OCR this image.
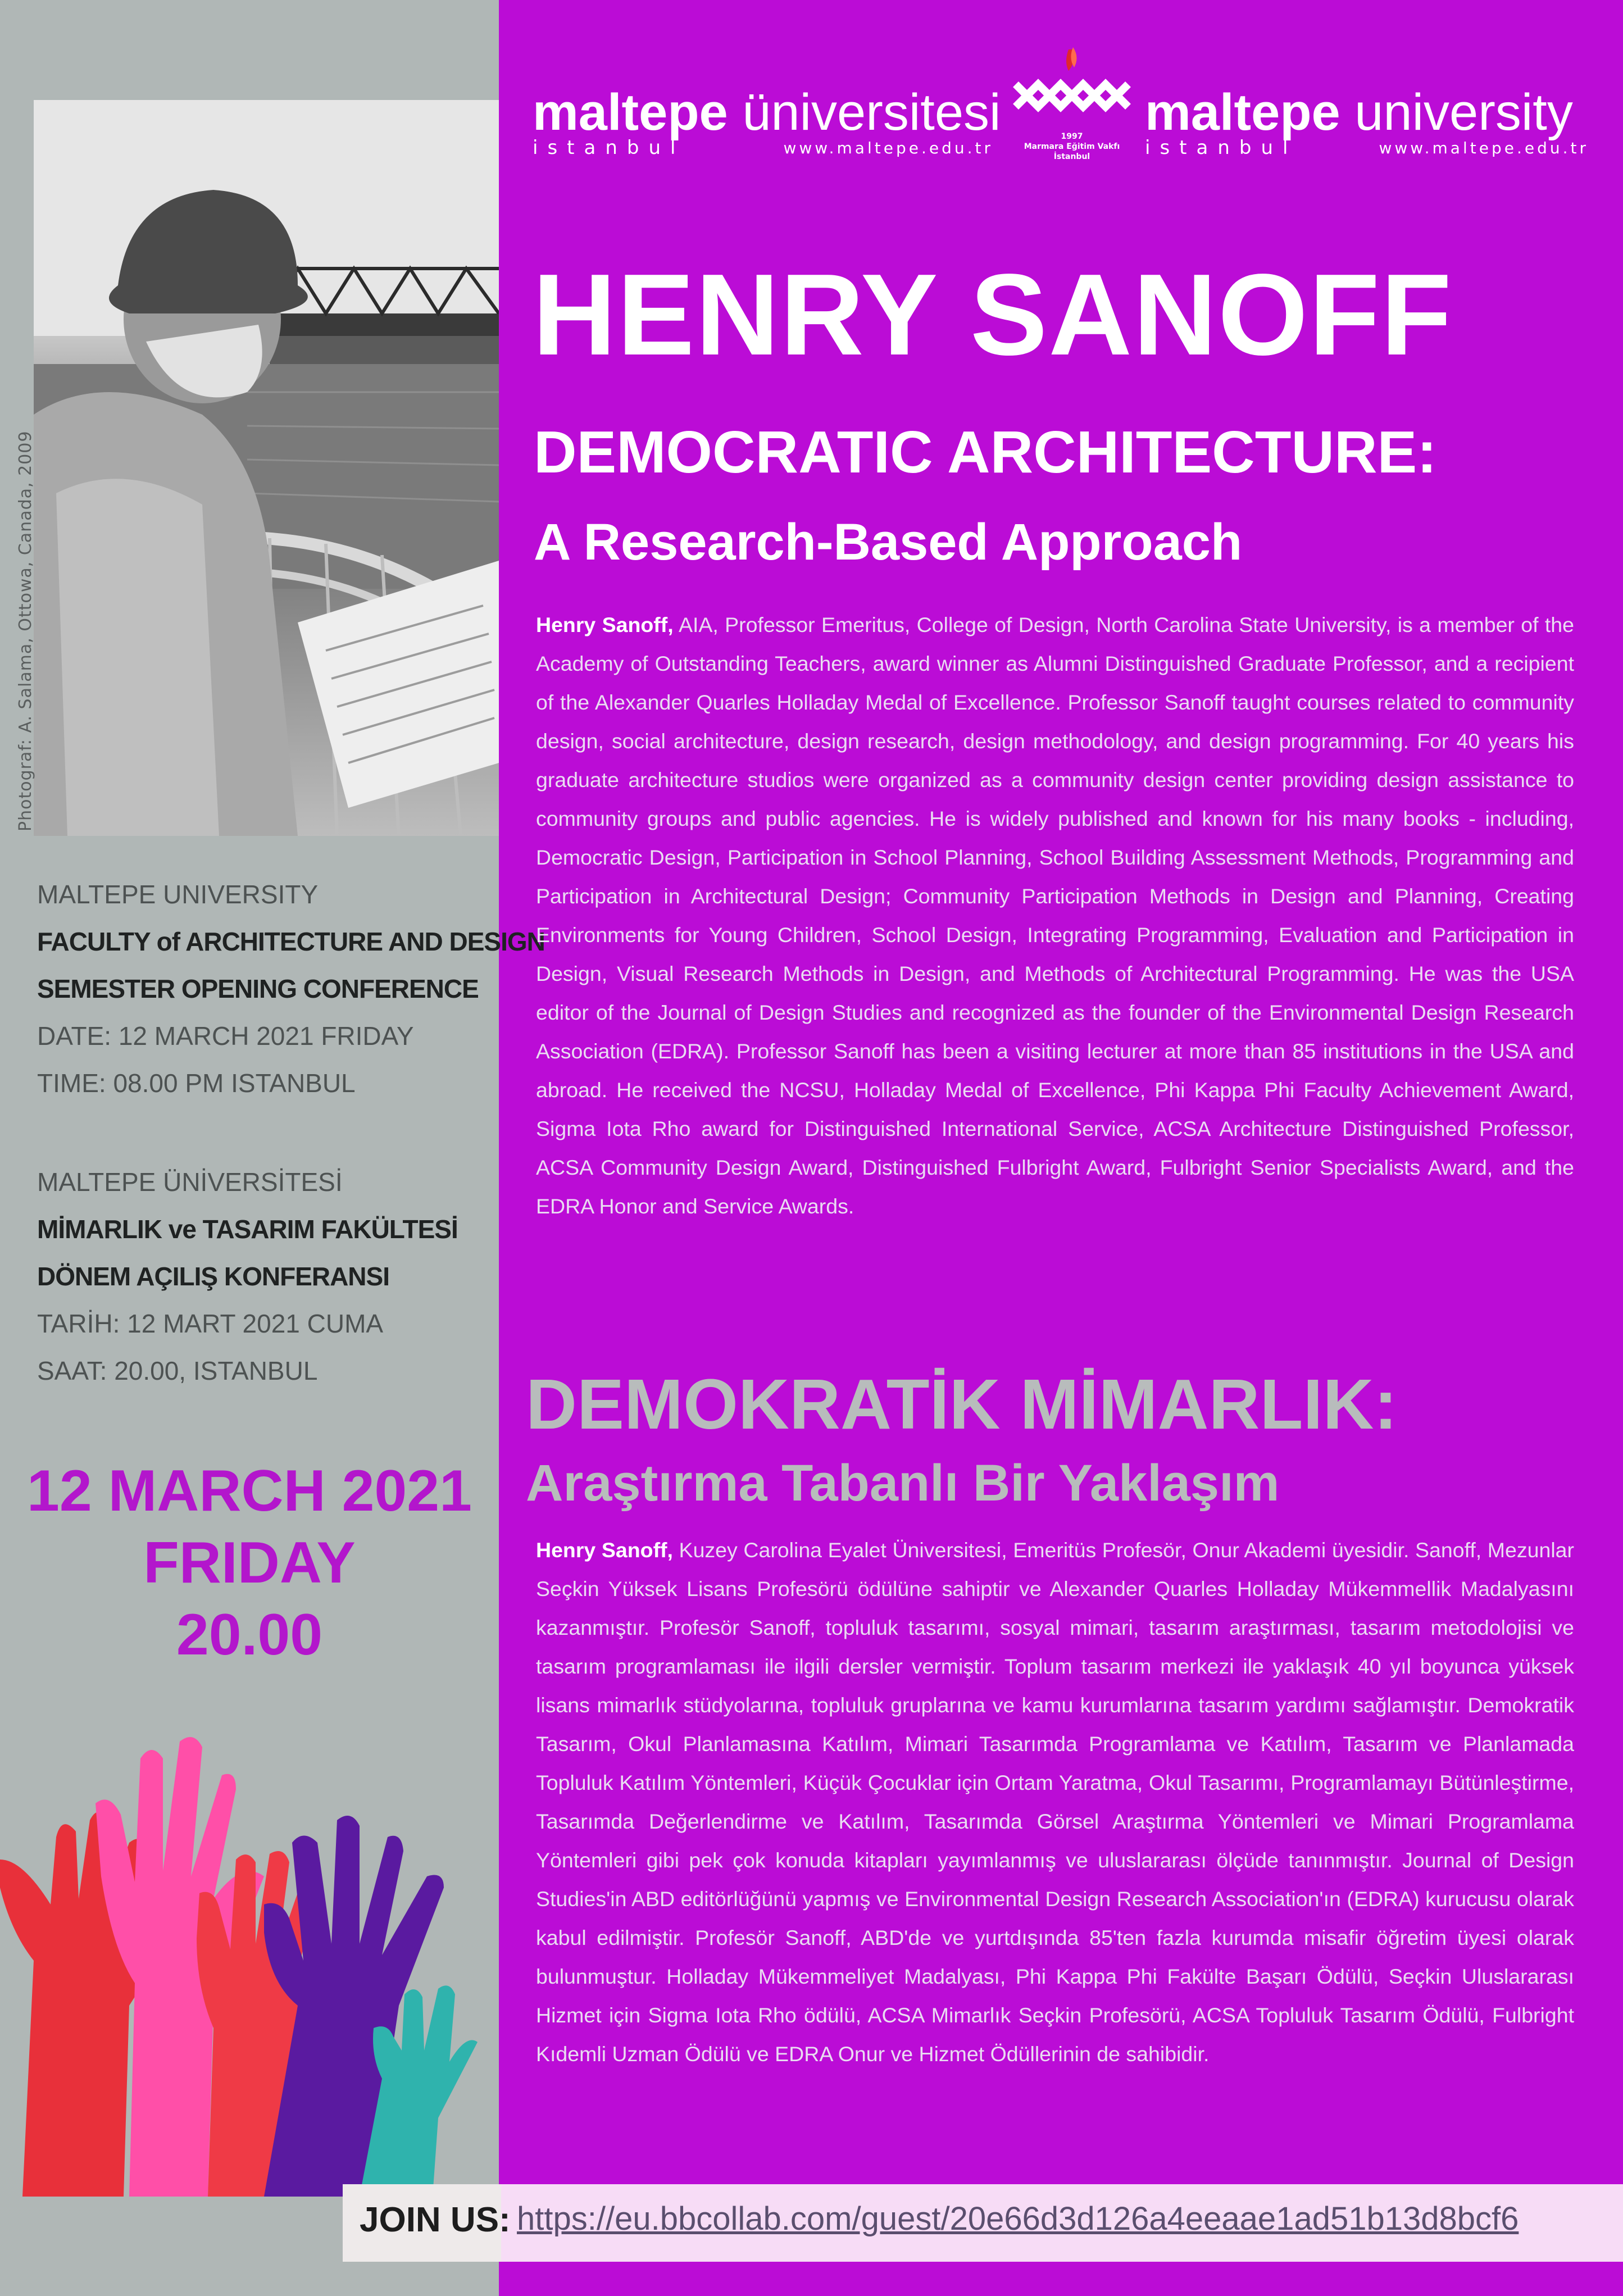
Photograf: A. Salama, Ottowa, Canada, 2009
MALTEPE UNIVERSITY
FACULTY of ARCHITECTURE AND DESIGN
SEMESTER OPENING CONFERENCE
DATE: 12 MARCH 2021 FRIDAY
TIME: 08.00 PM ISTANBUL
MALTEPE ÜNİVERSİTESİ
MİMARLIK ve TASARIM FAKÜLTESİ
DÖNEM AÇILIŞ KONFERANSI
TARİH: 12 MART 2021 CUMA
SAAT: 20.00, ISTANBUL
12 MARCH 2021
FRIDAY
20.00
maltepe üniversitesi
istanbul	www.maltepe.edu.tr
1997
Marmara Eğitim Vakfı
İstanbul
maltepe university
istanbul	www.maltepe.edu.tr
HENRY SANOFF
DEMOCRATIC ARCHITECTURE:
A Research-Based Approach
Henry Sanoff, AIA, Professor Emeritus, College of Design, North Carolina State University, is a member of the Academy of Outstanding Teachers, award winner as Alumni Distinguished Graduate Professor, and a recipient of the Alexander Quarles Holladay Medal of Excellence. Professor Sanoff taught courses related to community design, social architecture, design research, design methodology, and design programming. For 40 years his graduate architecture studios were organized as a community design center providing design assistance to community groups and public agencies. He is widely published and known for his many books - including, Democratic Design, Participation in School Planning, School Building Assessment Methods, Programming and Participation in Architectural Design; Community Participation Methods in Design and Planning, Creating Environments for Young Children, School Design, Integrating Programming, Evaluation and Participation in Design, Visual Research Methods in Design, and Methods of Architectural Programming. He was the USA editor of the Journal of Design Studies and recognized as the founder of the Environmental Design Research Association (EDRA). Professor Sanoff has been a visiting lecturer at more than 85 institutions in the USA and abroad. He received the NCSU, Holladay Medal of Excellence, Phi Kappa Phi Faculty Achievement Award, Sigma Iota Rho award for Distinguished International Service, ACSA Architecture Distinguished Professor, ACSA Community Design Award, Distinguished Fulbright Award, Fulbright Senior Specialists Award, and the EDRA Honor and Service Awards.
DEMOKRATİK MİMARLIK:
Araştırma Tabanlı Bir Yaklaşım
Henry Sanoff, Kuzey Carolina Eyalet Üniversitesi, Emeritüs Profesör, Onur Akademi üyesidir. Sanoff, Mezunlar Seçkin Yüksek Lisans Profesörü ödülüne sahiptir ve Alexander Quarles Holladay Mükemmellik Madalyasını kazanmıştır. Profesör Sanoff, topluluk tasarımı, sosyal mimari, tasarım araştırması, tasarım metodolojisi ve tasarım programlaması ile ilgili dersler vermiştir. Toplum tasarım merkezi ile yaklaşık 40 yıl boyunca yüksek lisans mimarlık stüdyolarına, topluluk gruplarına ve kamu kurumlarına tasarım yardımı sağlamıştır. Demokratik Tasarım, Okul Planlamasına Katılım, Mimari Tasarımda Programlama ve Katılım, Tasarım ve Planlamada Topluluk Katılım Yöntemleri, Küçük Çocuklar için Ortam Yaratma, Okul Tasarımı, Programlamayı Bütünleştirme, Tasarımda Değerlendirme ve Katılım, Tasarımda Görsel Araştırma Yöntemleri ve Mimari Programlama Yöntemleri gibi pek çok konuda kitapları yayımlanmış ve uluslararası ölçüde tanınmıştır. Journal of Design Studies'in ABD editörlüğünü yapmış ve Environmental Design Research Association'ın (EDRA) kurucusu olarak kabul edilmiştir. Profesör Sanoff, ABD'de ve yurtdışında 85'ten fazla kurumda misafir öğretim üyesi olarak bulunmuştur. Holladay Mükemmeliyet Madalyası, Phi Kappa Phi Fakülte Başarı Ödülü, Seçkin Uluslararası Hizmet için Sigma Iota Rho ödülü, ACSA Mimarlık Seçkin Profesörü, ACSA Topluluk Tasarım Ödülü, Fulbright Kıdemli Uzman Ödülü ve EDRA Onur ve Hizmet Ödüllerinin de sahibidir.
JOIN US: https://eu.bbcollab.com/guest/20e66d3d126a4eeaae1ad51b13d8bcf6
